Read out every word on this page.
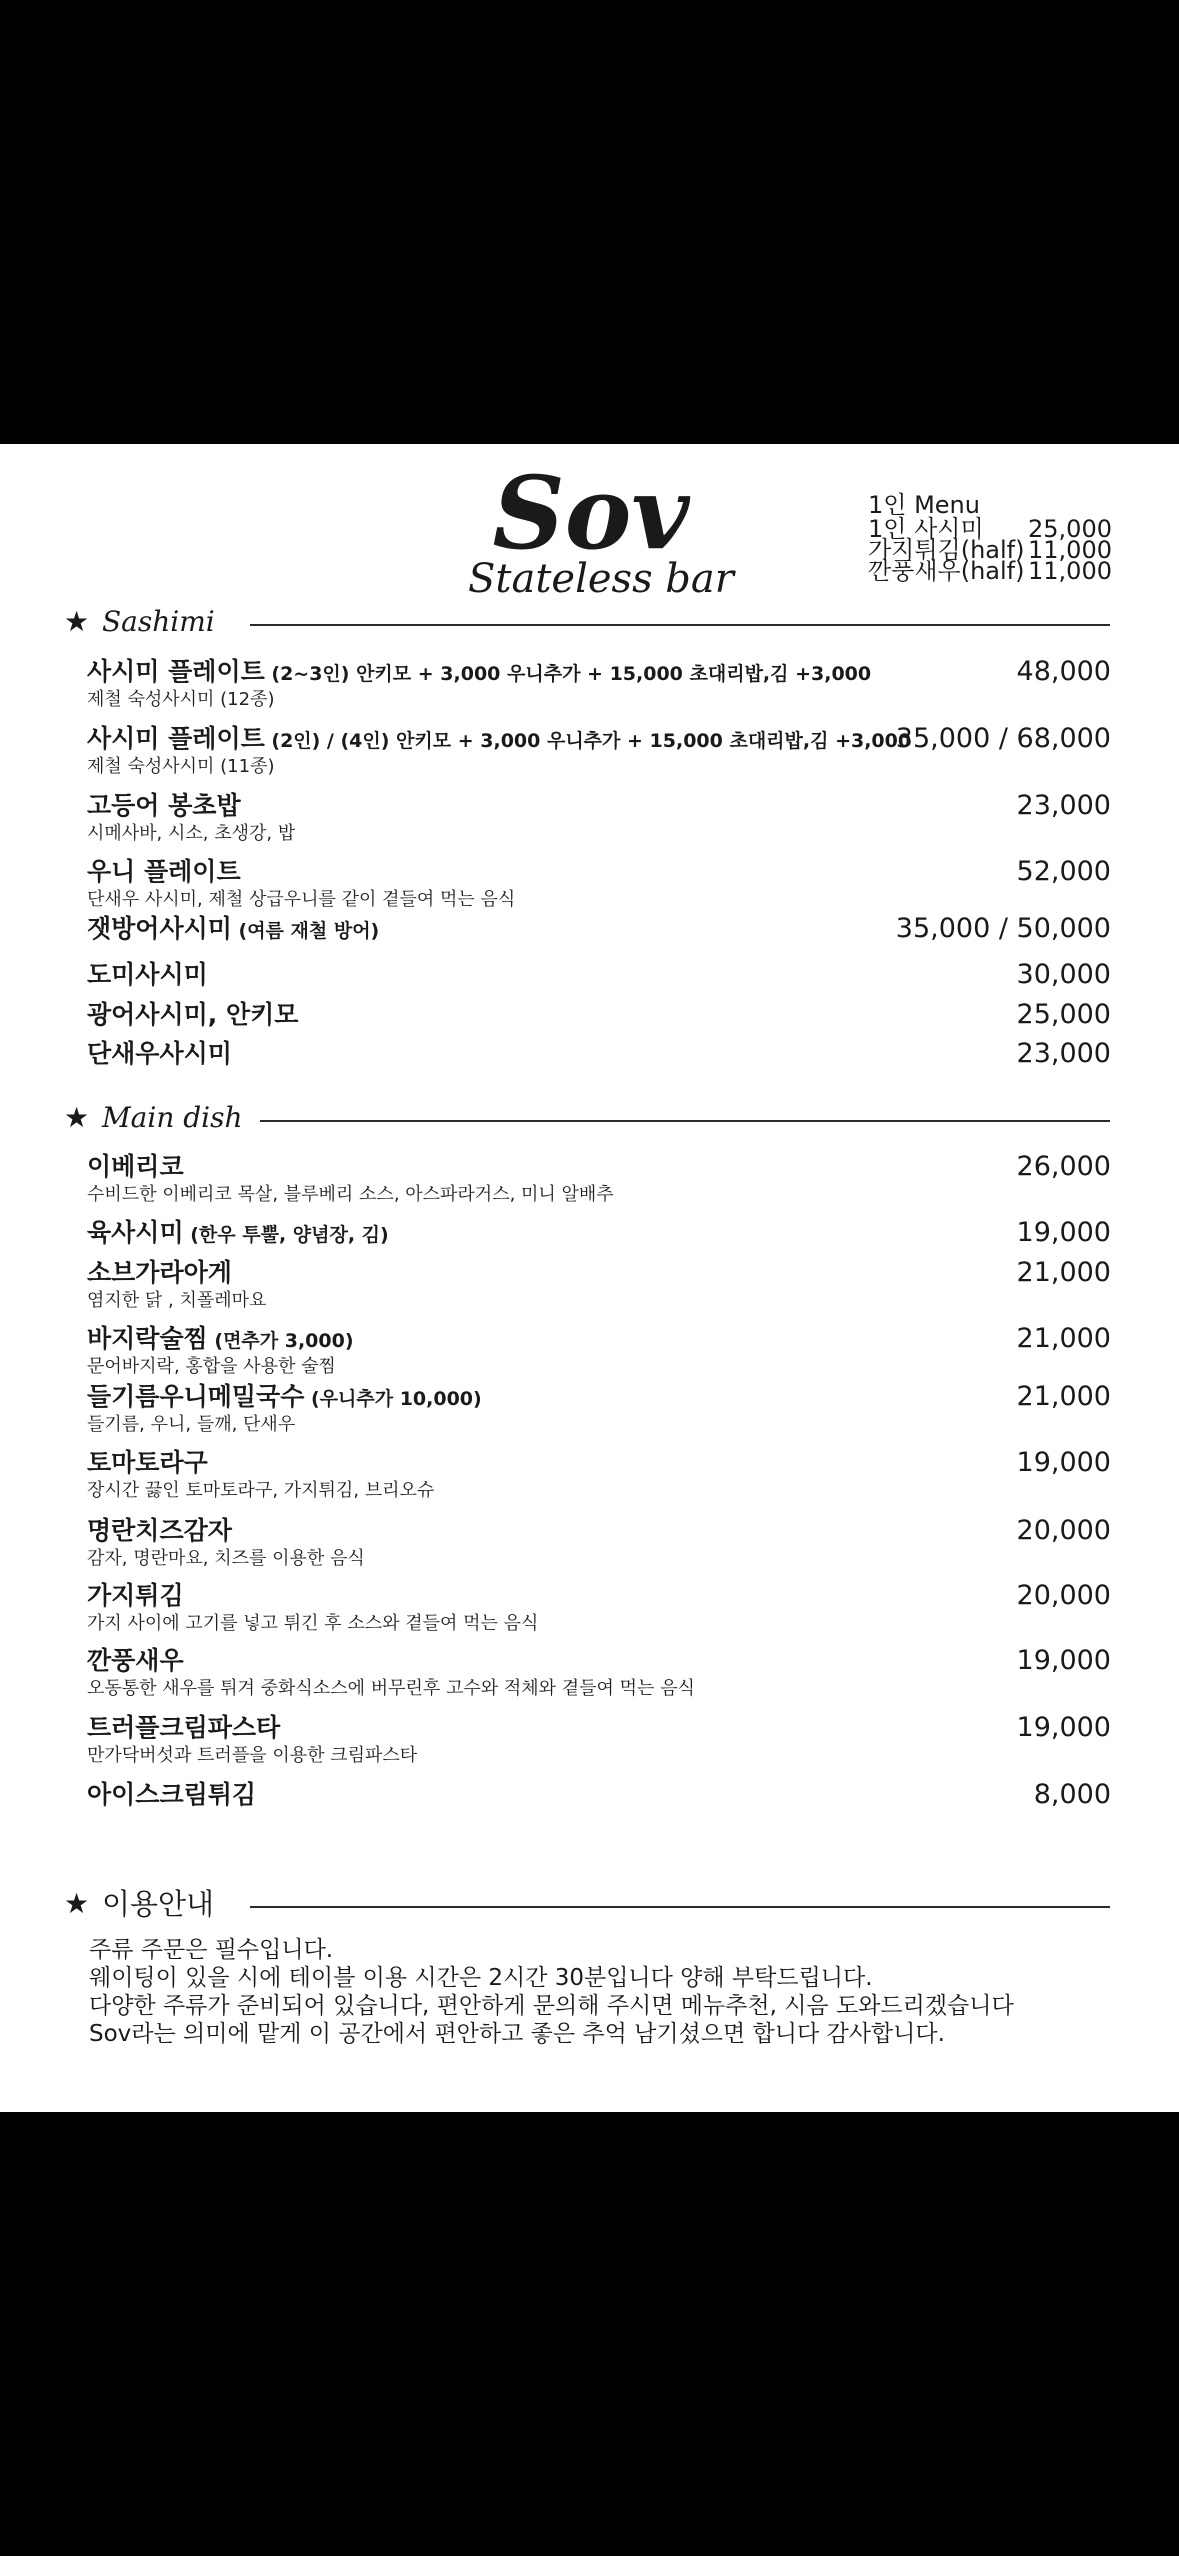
Sov
Stateless bar
1인 Menu
1인 사시미 25,000
가지튀김(half) 11,000
깐풍새우(half) 11,000
★ Sashimi
사시미 플레이트 (2~3인) 안키모 + 3,000 우니추가 + 15,000 초대리밥,김 +3,000
제철 숙성사시미 (12종)
48,000
사시미 플레이트 (2인) / (4인) 안키모 + 3,000 우니추가 + 15,000 초대리밥,김 +3,000
제철 숙성사시미 (11종)
35,000 / 68,000
고등어 봉초밥
시메사바, 시소, 초생강, 밥
23,000
우니 플레이트
단새우 사시미, 제철 상급우니를 같이 곁들여 먹는 음식
52,000
잿방어사시미 (여름 재철 방어)	35,000 / 50,000
도미사시미	30,000
광어사시미, 안키모	25,000
단새우사시미	23,000
★ Main dish
이베리코
수비드한 이베리코 목살, 블루베리 소스, 아스파라거스, 미니 알배추
26,000
육사시미 (한우 투뿔, 양념장, 김)	19,000
소브가라아게
염지한 닭 , 치폴레마요
21,000
바지락술찜 (면추가 3,000)
문어바지락, 홍합을 사용한 술찜
21,000
들기름우니메밀국수 (우니추가 10,000)
들기름, 우니, 들깨, 단새우
21,000
토마토라구
장시간 끓인 토마토라구, 가지튀김, 브리오슈
19,000
명란치즈감자
감자, 명란마요, 치즈를 이용한 음식
20,000
가지튀김
가지 사이에 고기를 넣고 튀긴 후 소스와 곁들여 먹는 음식
20,000
깐풍새우
오동통한 새우를 튀겨 중화식소스에 버무린후 고수와 적체와 곁들여 먹는 음식
19,000
트러플크림파스타
만가닥버섯과 트러플을 이용한 크림파스타
19,000
아이스크림튀김	8,000
★ 이용안내
주류 주문은 필수입니다.
웨이팅이 있을 시에 테이블 이용 시간은 2시간 30분입니다 양해 부탁드립니다.
다양한 주류가 준비되어 있습니다, 편안하게 문의해 주시면 메뉴추천, 시음 도와드리겠습니다
Sov라는 의미에 맡게 이 공간에서 편안하고 좋은 추억 남기셨으면 합니다 감사합니다.
